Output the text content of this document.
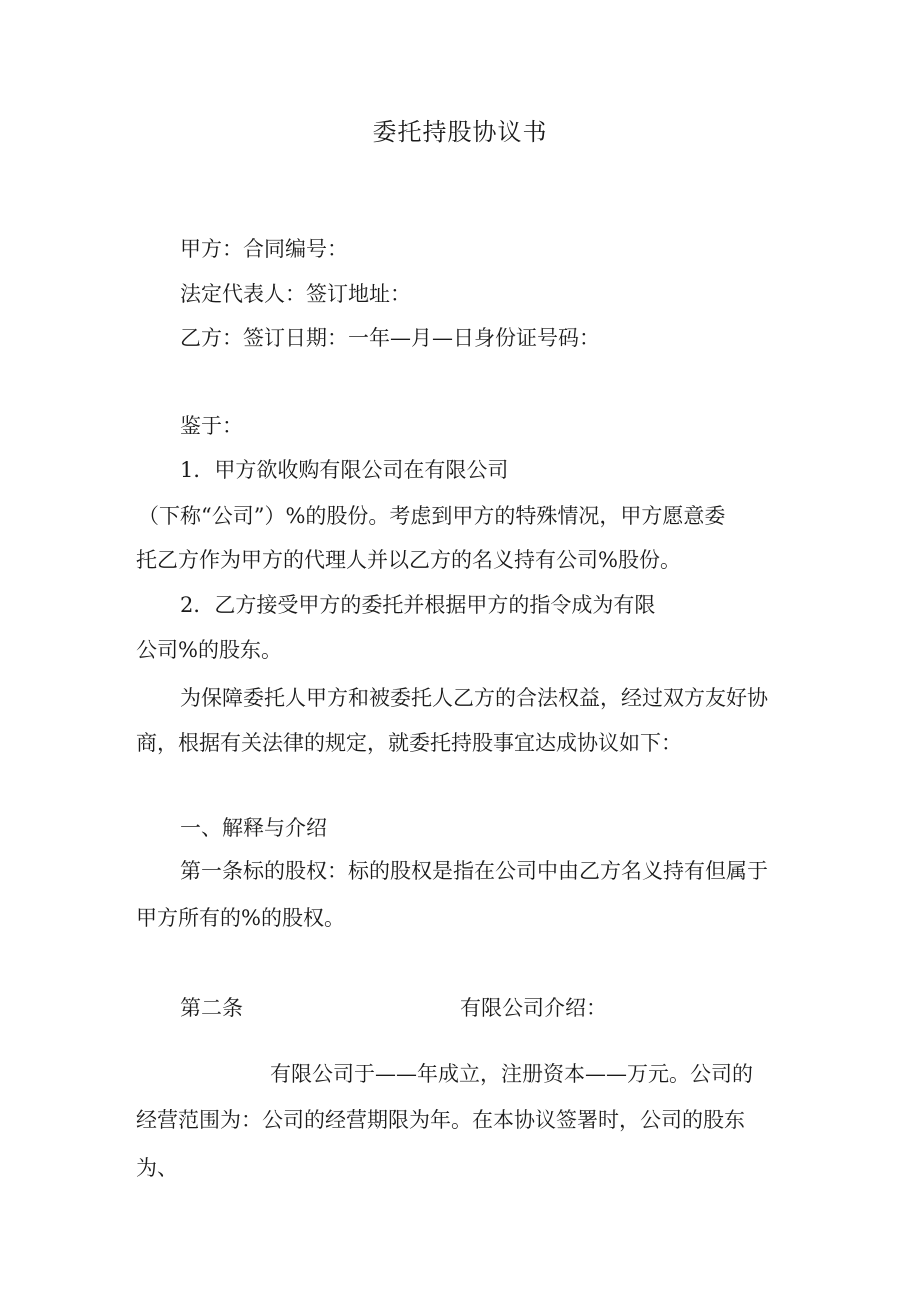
委托持股协议书
甲方：合同编号：
法定代表人：签订地址：
乙方：签订日期：一年—月—日身份证号码：
鉴于：
1．甲方欲收购有限公司在有限公司
（下称“公司”）%的股份。考虑到甲方的特殊情况，甲方愿意委
托乙方作为甲方的代理人并以乙方的名义持有公司%股份。
2．乙方接受甲方的委托并根据甲方的指令成为有限
公司%的股东。
为保障委托人甲方和被委托人乙方的合法权益，经过双方友好协
商，根据有关法律的规定，就委托持股事宜达成协议如下：
一、解释与介绍
第一条标的股权：标的股权是指在公司中由乙方名义持有但属于
甲方所有的%的股权。
第二条	有限公司介绍：
有限公司于——年成立，注册资本——万元。公司的
经营范围为：公司的经营期限为年。在本协议签署时，公司的股东
为、
